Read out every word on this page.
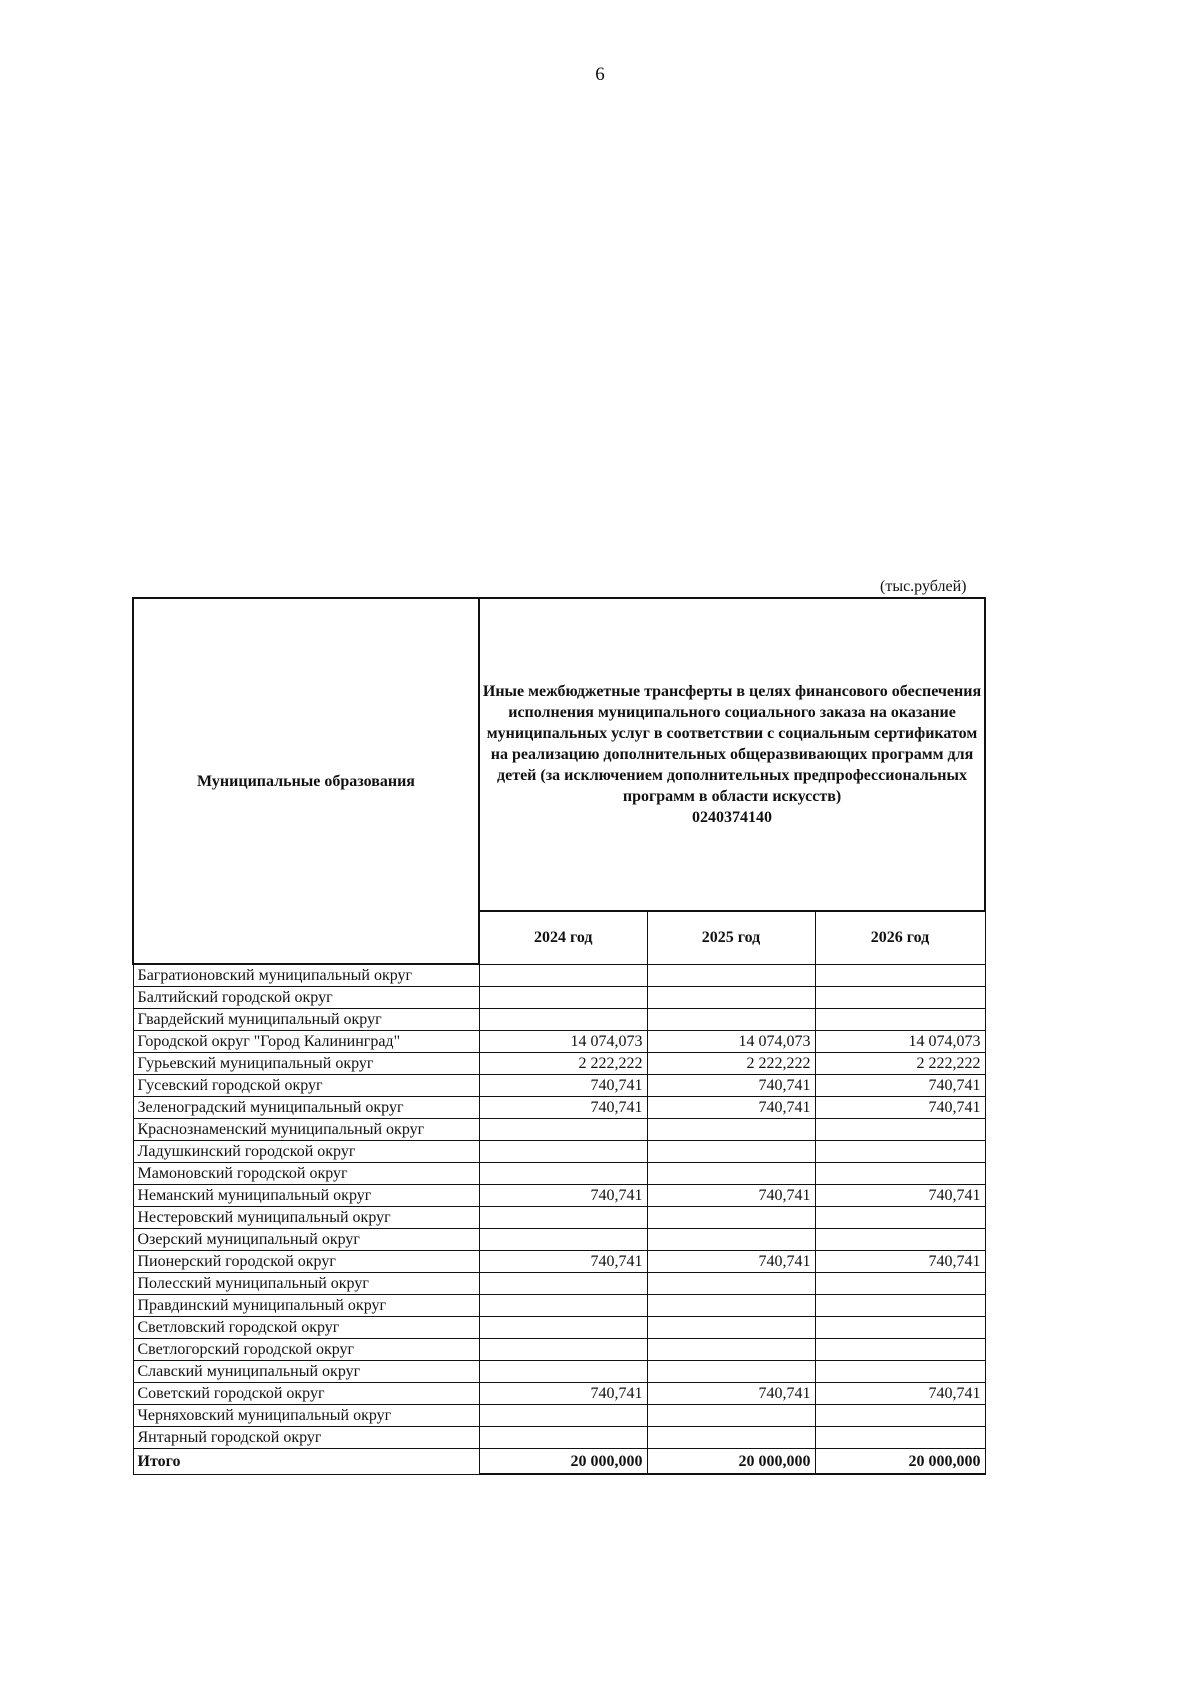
6
(тыс.рублей)
Муниципальные образования	Иные межбюджетные трансферты в целях финансового обеспечения исполнения муниципального социального заказа на оказание муниципальных услуг в соответствии с социальным сертификатом на реализацию дополнительных общеразвивающих программ для детей (за исключением дополнительных предпрофессиональных программ в области искусств)
0240374140		

	2024 год	2025 год	2026 год
Багратионовский муниципальный округ			
Балтийский городской округ			
Гвардейский муниципальный округ			
Городской округ "Город Калининград"	14 074,073	14 074,073	14 074,073
Гурьевский муниципальный округ	2 222,222	2 222,222	2 222,222
Гусевский городской округ	740,741	740,741	740,741
Зеленоградский муниципальный округ	740,741	740,741	740,741
Краснознаменский муниципальный округ			
Ладушкинский городской округ			
Мамоновский городской округ			
Неманский муниципальный округ	740,741	740,741	740,741
Нестеровский муниципальный округ			
Озерский муниципальный округ			
Пионерский городской округ	740,741	740,741	740,741
Полесский муниципальный округ			
Правдинский муниципальный округ			
Светловский городской округ			
Светлогорский городской округ			
Славский муниципальный округ			
Советский городской округ	740,741	740,741	740,741
Черняховский муниципальный округ			
Янтарный городской округ			
Итого	20 000,000	20 000,000	20 000,000
